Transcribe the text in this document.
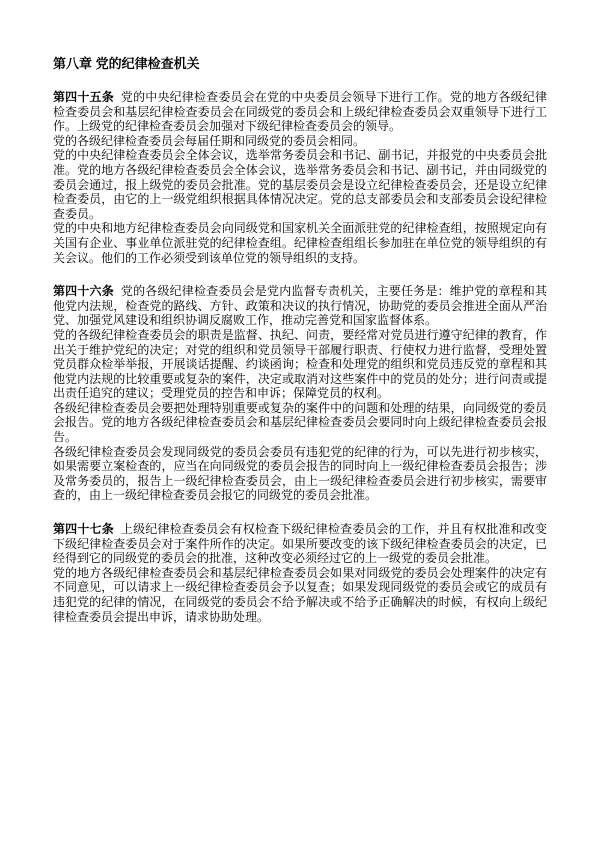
第八章 党的纪律检查机关

第四十五条 党的中央纪律检查委员会在党的中央委员会领导下进行工作。党的地方各级纪律检查委员会和基层纪律检查委员会在同级党的委员会和上级纪律检查委员会双重领导下进行工作。上级党的纪律检查委员会加强对下级纪律检查委员会的领导。

党的各级纪律检查委员会每届任期和同级党的委员会相同。

党的中央纪律检查委员会全体会议，选举常务委员会和书记、副书记，并报党的中央委员会批准。党的地方各级纪律检查委员会全体会议，选举常务委员会和书记、副书记，并由同级党的委员会通过，报上级党的委员会批准。党的基层委员会是设立纪律检查委员会，还是设立纪律检查委员，由它的上一级党组织根据具体情况决定。党的总支部委员会和支部委员会设纪律检查委员。

党的中央和地方纪律检查委员会向同级党和国家机关全面派驻党的纪律检查组，按照规定向有关国有企业、事业单位派驻党的纪律检查组。纪律检查组组长参加驻在单位党的领导组织的有关会议。他们的工作必须受到该单位党的领导组织的支持。

第四十六条 党的各级纪律检查委员会是党内监督专责机关，主要任务是：维护党的章程和其他党内法规，检查党的路线、方针、政策和决议的执行情况，协助党的委员会推进全面从严治党、加强党风建设和组织协调反腐败工作，推动完善党和国家监督体系。

党的各级纪律检查委员会的职责是监督、执纪、问责，要经常对党员进行遵守纪律的教育，作出关于维护党纪的决定；对党的组织和党员领导干部履行职责、行使权力进行监督，受理处置党员群众检举举报，开展谈话提醒、约谈函询；检查和处理党的组织和党员违反党的章程和其他党内法规的比较重要或复杂的案件，决定或取消对这些案件中的党员的处分；进行问责或提出责任追究的建议；受理党员的控告和申诉；保障党员的权利。

各级纪律检查委员会要把处理特别重要或复杂的案件中的问题和处理的结果，向同级党的委员会报告。党的地方各级纪律检查委员会和基层纪律检查委员会要同时向上级纪律检查委员会报告。

各级纪律检查委员会发现同级党的委员会委员有违犯党的纪律的行为，可以先进行初步核实，如果需要立案检查的，应当在向同级党的委员会报告的同时向上一级纪律检查委员会报告；涉及常务委员的，报告上一级纪律检查委员会，由上一级纪律检查委员会进行初步核实，需要审查的，由上一级纪律检查委员会报它的同级党的委员会批准。

第四十七条 上级纪律检查委员会有权检查下级纪律检查委员会的工作，并且有权批准和改变下级纪律检查委员会对于案件所作的决定。如果所要改变的该下级纪律检查委员会的决定，已经得到它的同级党的委员会的批准，这种改变必须经过它的上一级党的委员会批准。

党的地方各级纪律检查委员会和基层纪律检查委员会如果对同级党的委员会处理案件的决定有不同意见，可以请求上一级纪律检查委员会予以复查；如果发现同级党的委员会或它的成员有违犯党的纪律的情况，在同级党的委员会不给予解决或不给予正确解决的时候，有权向上级纪律检查委员会提出申诉，请求协助处理。
